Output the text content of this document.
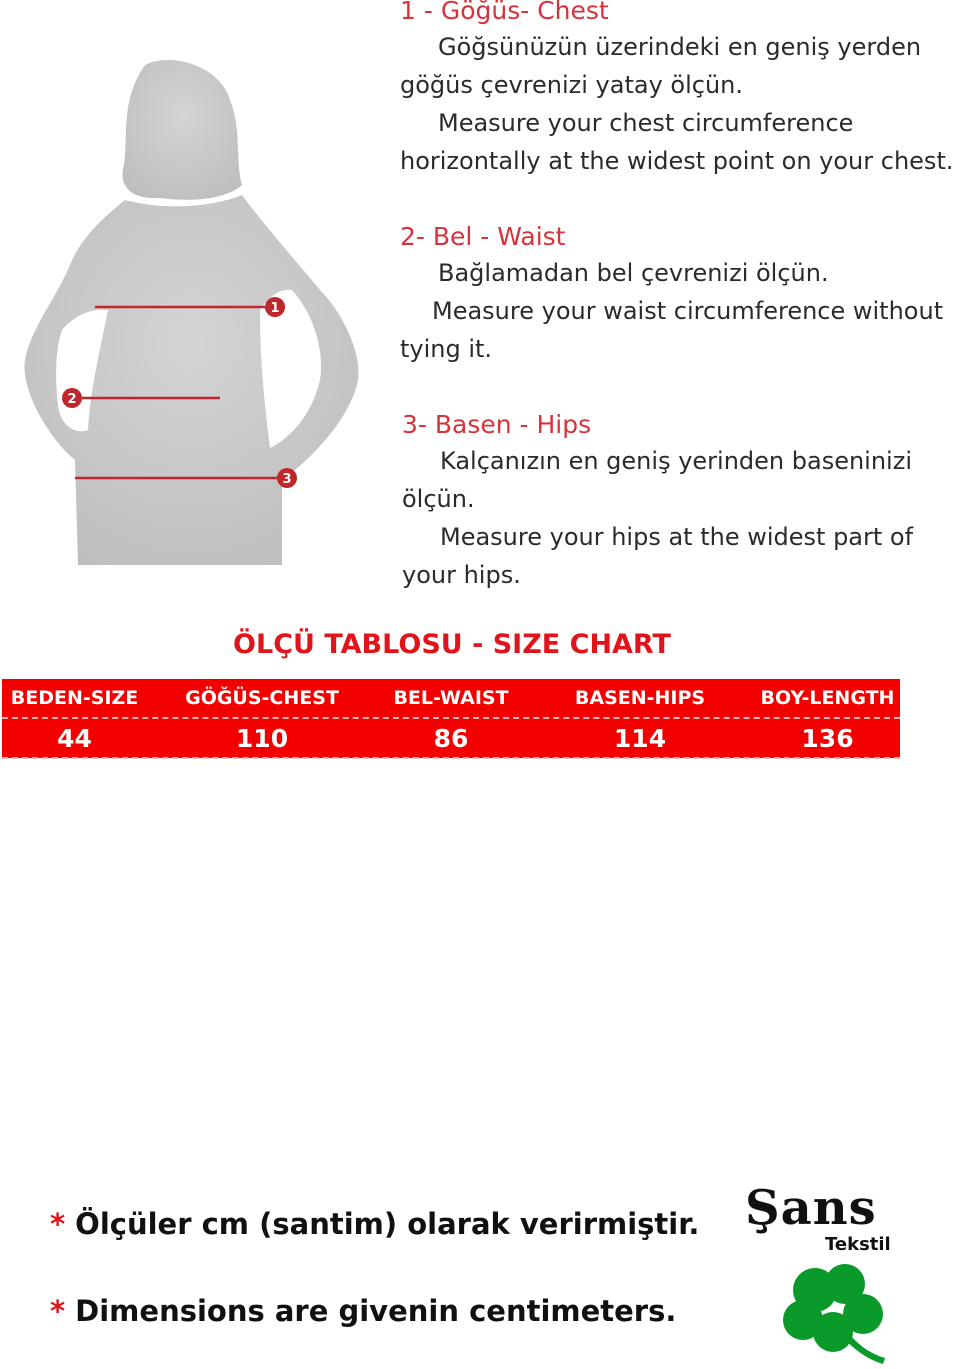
1
2
3

1 - Göğüs- Chest

Göğsünüzün üzerindeki en geniş yerden

göğüs çevrenizi yatay ölçün.

Measure your chest circumference

horizontally at the widest point on your chest.

2- Bel - Waist

Bağlamadan bel çevrenizi ölçün.

Measure your waist circumference without

tying it.

3- Basen - Hips

Kalçanızın en geniş yerinden baseninizi

ölçün.

Measure your hips at the widest part of

your hips.

ÖLÇÜ TABLOSU - SIZE CHART
BEDEN-SIZE	GÖĞÜS-CHEST	BEL-WAIST	BASEN-HIPS	BOY-LENGTH
44	110	86	114	136
* Ölçüler cm (santim) olarak verirmiştir.
* Dimensions are givenin centimeters.
Şans
Tekstil
